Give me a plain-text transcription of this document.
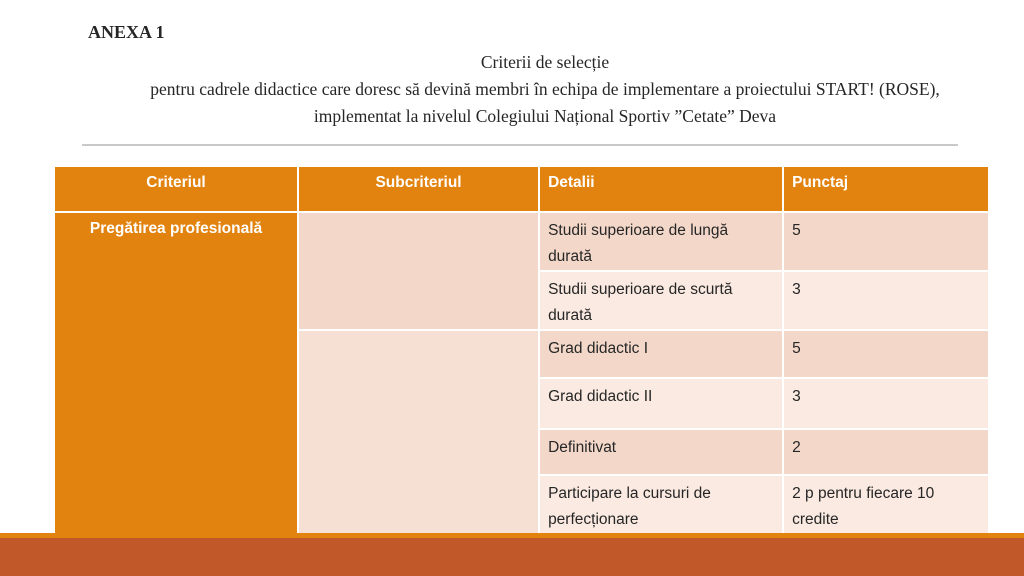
ANEXA 1
Criterii de selecție
pentru cadrele didactice care doresc să devină membri în echipa de implementare a proiectului START! (ROSE),
implementat la nivelul Colegiului Național Sportiv ”Cetate” Deva
Criteriul	Subcriteriul	Detalii	Punctaj
Pregătirea profesională		Studii superioare de lungă durată	5
		Studii superioare de scurtă durată	3
		Grad didactic I	5
		Grad didactic II	3
		Definitivat	2
		Participare la cursuri de perfecționare	2 p pentru fiecare 10 credite
